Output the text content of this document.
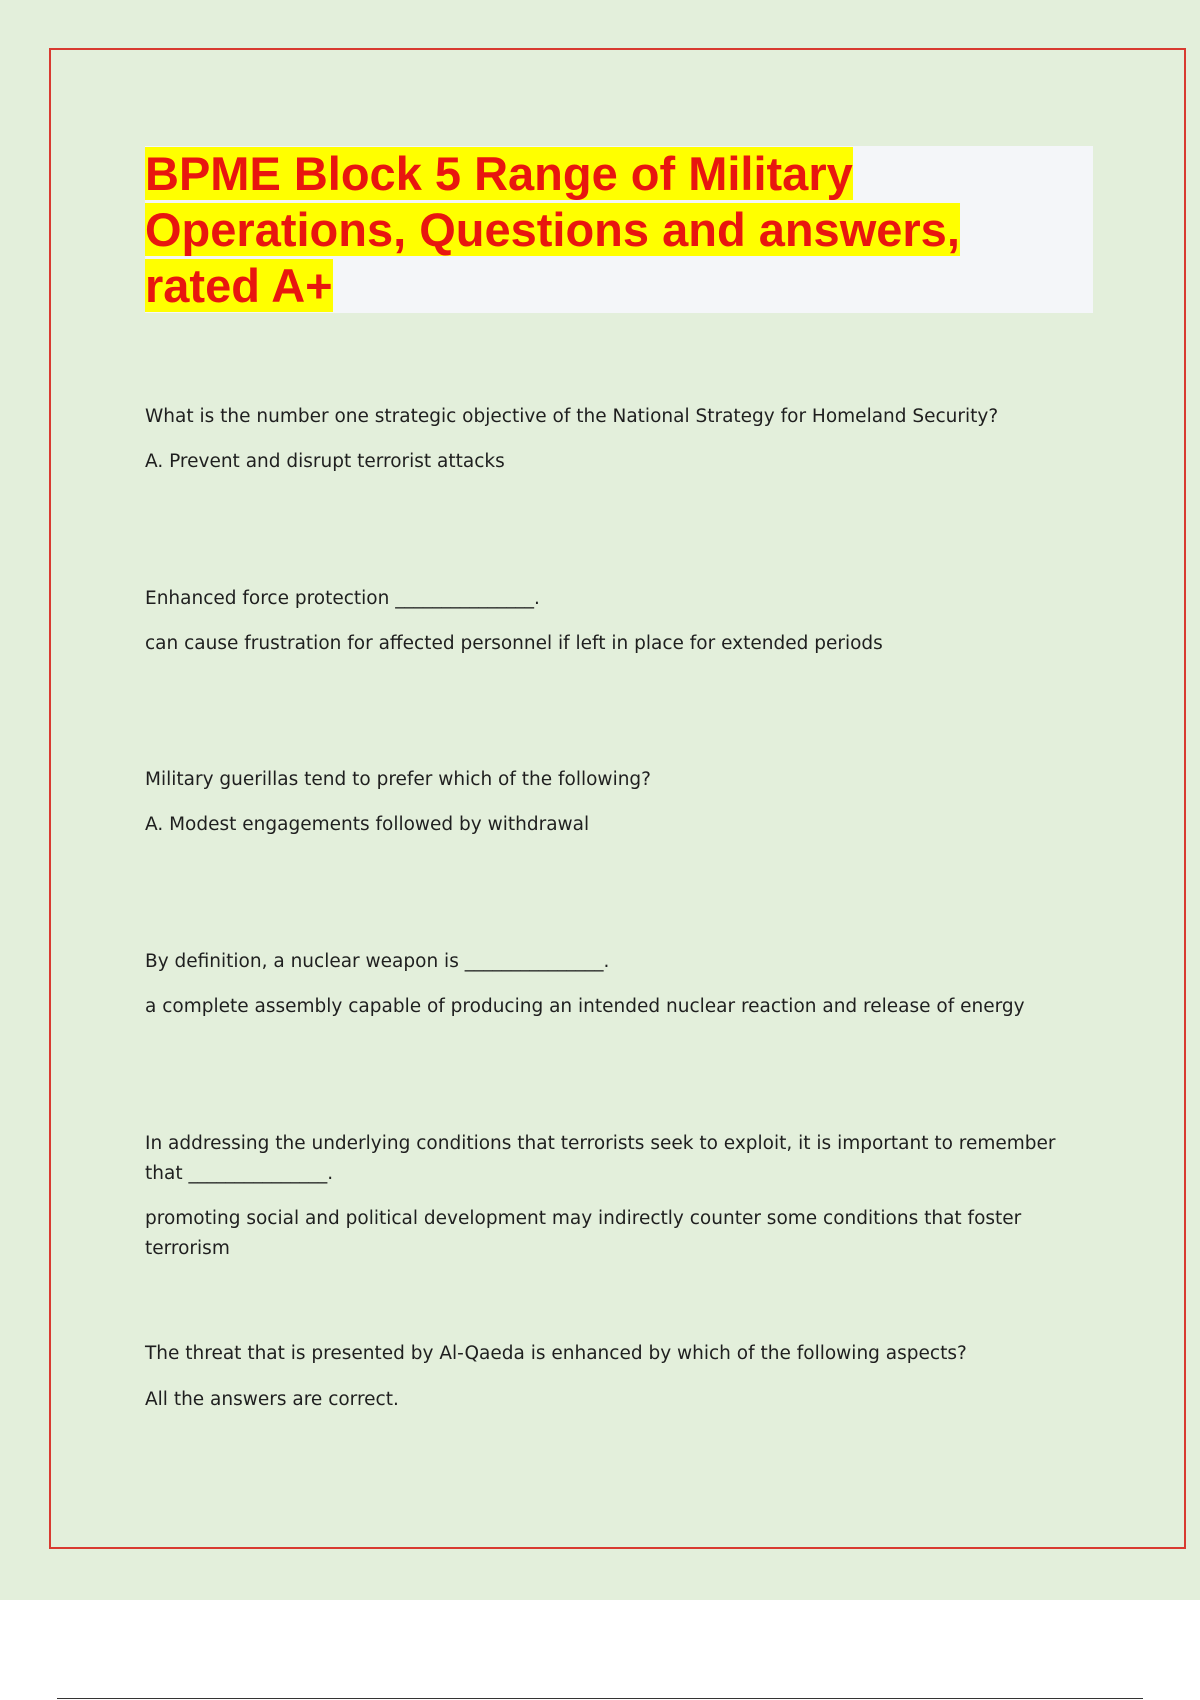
BPME Block 5 Range of Military Operations, Questions and answers, rated A+

What is the number one strategic objective of the National Strategy for Homeland Security?

A. Prevent and disrupt terrorist attacks

Enhanced force protection _______________.

can cause frustration for affected personnel if left in place for extended periods

Military guerillas tend to prefer which of the following?

A. Modest engagements followed by withdrawal

By definition, a nuclear weapon is _______________.

a complete assembly capable of producing an intended nuclear reaction and release of energy

In addressing the underlying conditions that terrorists seek to exploit, it is important to remember that _______________.

promoting social and political development may indirectly counter some conditions that foster terrorism

The threat that is presented by Al-Qaeda is enhanced by which of the following aspects?

All the answers are correct.
